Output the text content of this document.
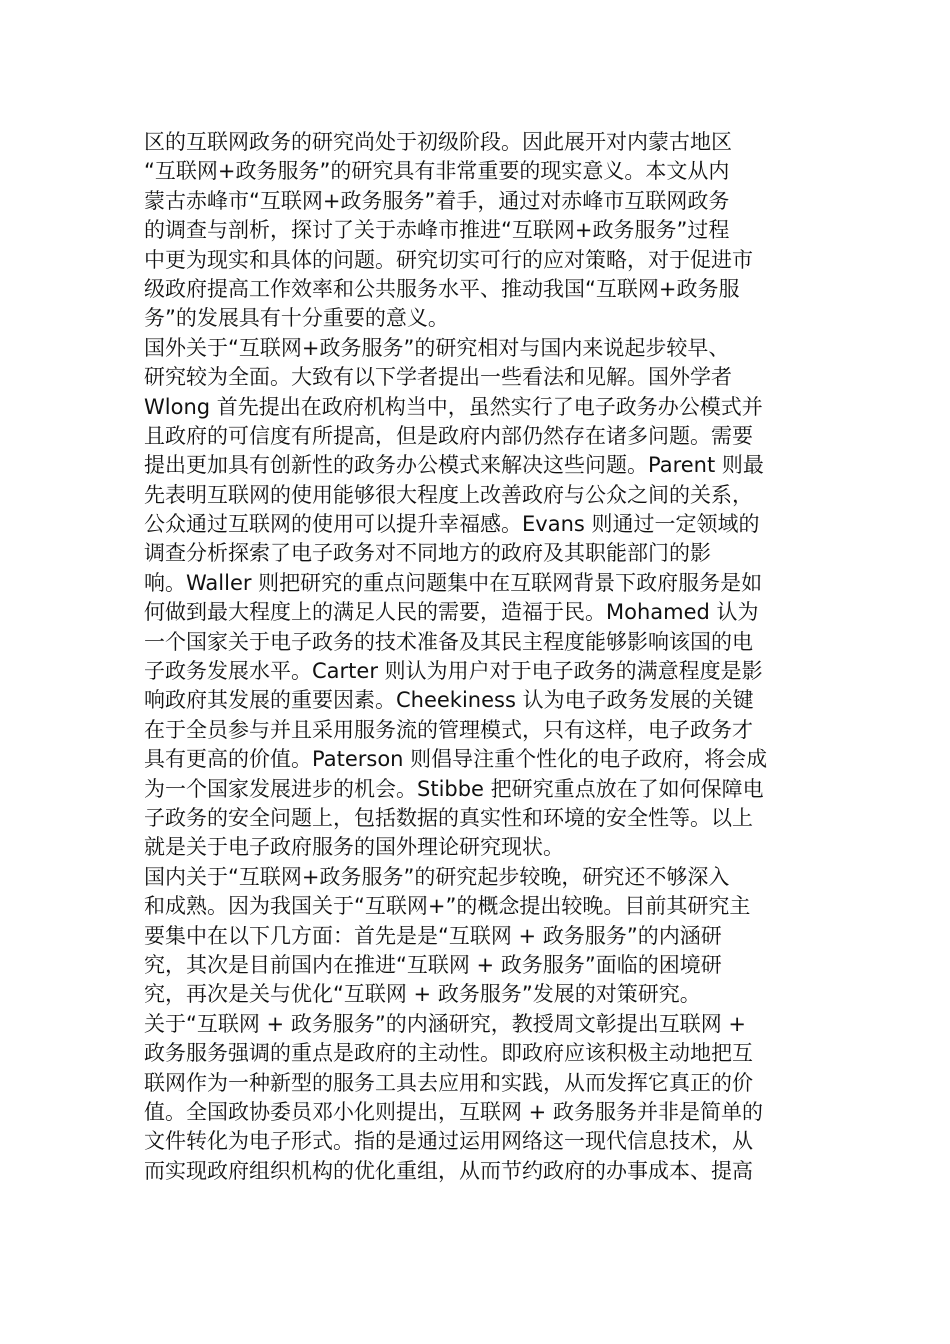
区的互联网政务的研究尚处于初级阶段。因此展开对内蒙古地区
“互联网+政务服务”的研究具有非常重要的现实意义。本文从内
蒙古赤峰市“互联网+政务服务”着手，通过对赤峰市互联网政务
的调查与剖析，探讨了关于赤峰市推进“互联网+政务服务”过程
中更为现实和具体的问题。研究切实可行的应对策略，对于促进市
级政府提高工作效率和公共服务水平、推动我国“互联网+政务服
务”的发展具有十分重要的意义。
国外关于“互联网+政务服务”的研究相对与国内来说起步较早、
研究较为全面。大致有以下学者提出一些看法和见解。国外学者
Wlong 首先提出在政府机构当中，虽然实行了电子政务办公模式并
且政府的可信度有所提高，但是政府内部仍然存在诸多问题。需要
提出更加具有创新性的政务办公模式来解决这些问题。Parent 则最
先表明互联网的使用能够很大程度上改善政府与公众之间的关系，
公众通过互联网的使用可以提升幸福感。Evans 则通过一定领域的
调查分析探索了电子政务对不同地方的政府及其职能部门的影
响。Waller 则把研究的重点问题集中在互联网背景下政府服务是如
何做到最大程度上的满足人民的需要，造福于民。Mohamed 认为
一个国家关于电子政务的技术准备及其民主程度能够影响该国的电
子政务发展水平。Carter 则认为用户对于电子政务的满意程度是影
响政府其发展的重要因素。Cheekiness 认为电子政务发展的关键
在于全员参与并且采用服务流的管理模式，只有这样，电子政务才
具有更高的价值。Paterson 则倡导注重个性化的电子政府，将会成
为一个国家发展进步的机会。Stibbe 把研究重点放在了如何保障电
子政务的安全问题上，包括数据的真实性和环境的安全性等。以上
就是关于电子政府服务的国外理论研究现状。
国内关于“互联网+政务服务”的研究起步较晚，研究还不够深入
和成熟。因为我国关于“互联网+”的概念提出较晚。目前其研究主
要集中在以下几方面：首先是是“互联网 + 政务服务”的内涵研
究，其次是目前国内在推进“互联网 + 政务服务”面临的困境研
究，再次是关与优化“互联网 + 政务服务”发展的对策研究。
关于“互联网 + 政务服务”的内涵研究，教授周文彰提出互联网 +
政务服务强调的重点是政府的主动性。即政府应该积极主动地把互
联网作为一种新型的服务工具去应用和实践，从而发挥它真正的价
值。全国政协委员邓小化则提出，互联网 + 政务服务并非是简单的
文件转化为电子形式。指的是通过运用网络这一现代信息技术，从
而实现政府组织机构的优化重组，从而节约政府的办事成本、提高
